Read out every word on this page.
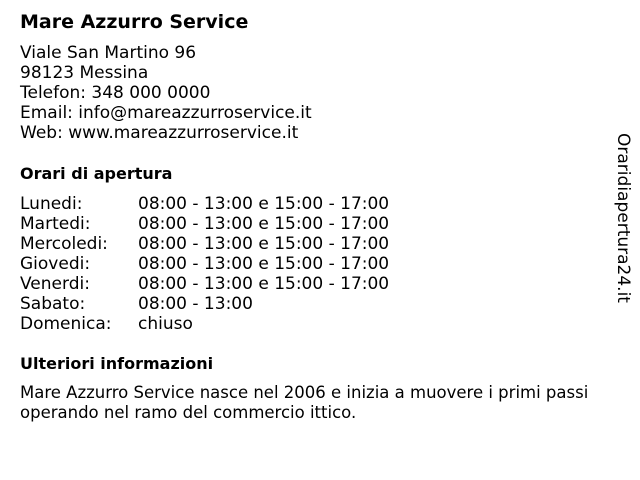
Mare Azzurro Service
Viale San Martino 96
98123 Messina
Telefon: 348 000 0000
Email: info@mareazzurroservice.it
Web: www.mareazzurroservice.it
Orari di apertura
Lunedi:	08:00 - 13:00 e 15:00 - 17:00
Martedi:	08:00 - 13:00 e 15:00 - 17:00
Mercoledi: 08:00 - 13:00 e 15:00 - 17:00
Giovedi:	08:00 - 13:00 e 15:00 - 17:00
Venerdi:	08:00 - 13:00 e 15:00 - 17:00
Sabato:	08:00 - 13:00
Domenica: chiuso
Ulteriori informazioni
Mare Azzurro Service nasce nel 2006 e inizia a muovere i primi passi
operando nel ramo del commercio ittico.
Oraridiapertura24.it
